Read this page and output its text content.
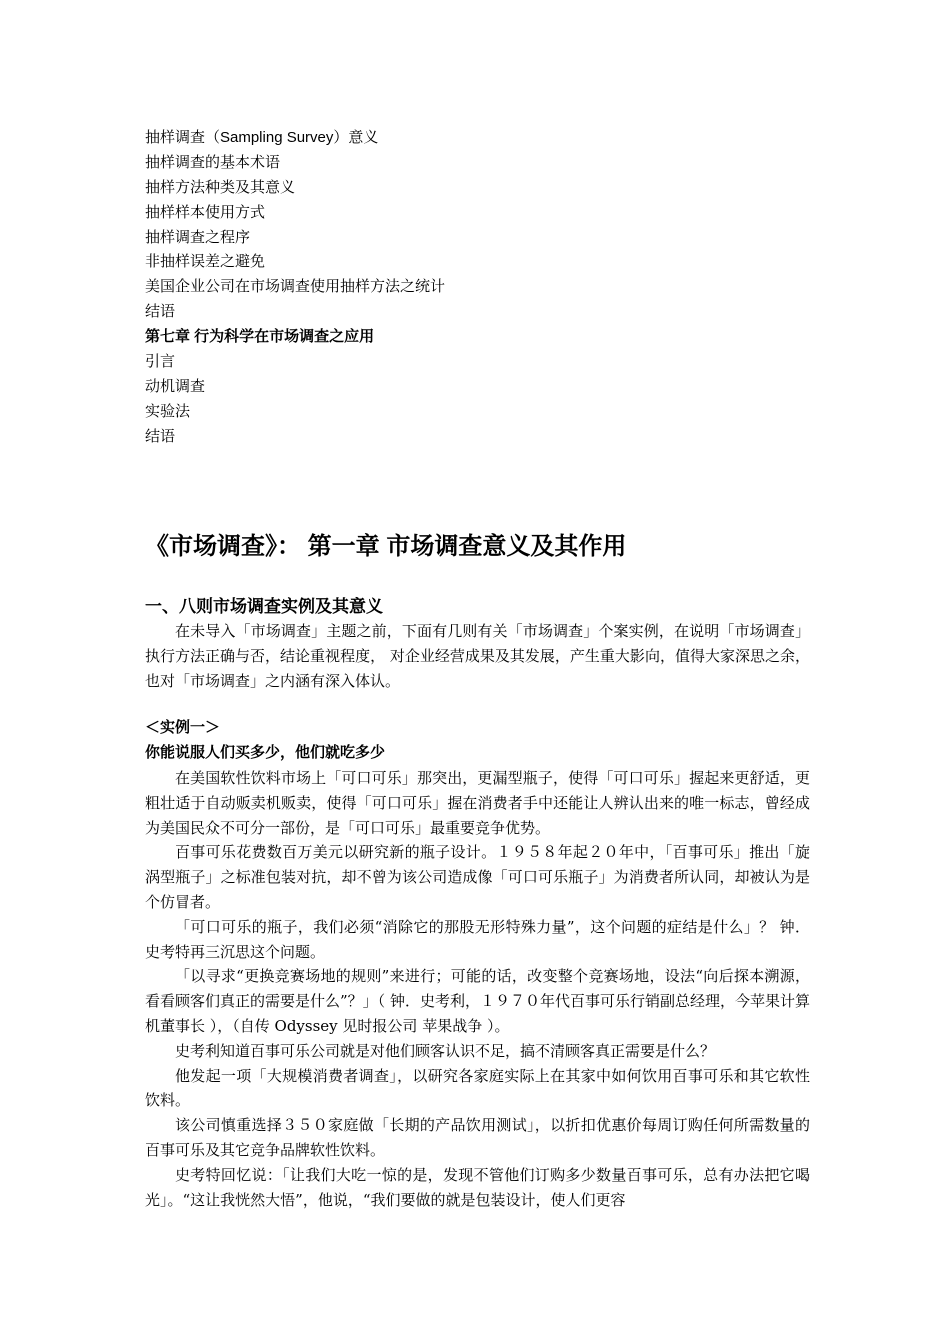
抽样调查（Sampling Survey）意义
抽样调查的基本术语
抽样方法种类及其意义
抽样样本使用方式
抽样调查之程序
非抽样误差之避免
美国企业公司在市场调查使用抽样方法之统计
结语
第七章 行为科学在市场调查之应用
引言
动机调查
实验法
结语
《市场调查》： 第一章 市场调查意义及其作用
一、八则市场调查实例及其意义

在未导入「市场调查」主题之前，下面有几则有关「市场调查」个案实例，在说明「市场调查」执行方法正确与否，结论重视程度， 对企业经营成果及其发展，产生重大影向，值得大家深思之余，也对「市场调查」之内涵有深入体认。

＜实例一＞
你能说服人们买多少，他们就吃多少

在美国软性饮料市场上「可口可乐」那突出，更漏型瓶子，使得「可口可乐」握起来更舒适，更粗壮适于自动贩卖机贩卖，使得「可口可乐」握在消费者手中还能让人辨认出来的唯一标志，曾经成为美国民众不可分一部份，是「可口可乐」最重要竞争优势。

百事可乐花费数百万美元以研究新的瓶子设计。１９５８年起２０年中，「百事可乐」推出「旋涡型瓶子」之标准包装对抗，却不曾为该公司造成像「可口可乐瓶子」为消费者所认同，却被认为是个仿冒者。

「可口可乐的瓶子，我们必须“消除它的那股无形特殊力量”，这个问题的症结是什么」？ 钟．史考特再三沉思这个问题。

「以寻求“更换竞赛场地的规则”来进行；可能的话，改变整个竞赛场地，设法“向后探本溯源，看看顾客们真正的需要是什么”？」（ 钟．史考利，１９７０年代百事可乐行销副总经理，今苹果计算机董事长 ），（自传 Odyssey 见时报公司 苹果战争 ）。

史考利知道百事可乐公司就是对他们顾客认识不足，搞不清顾客真正需要是什么？

他发起一项「大规模消费者调查」，以研究各家庭实际上在其家中如何饮用百事可乐和其它软性饮料。

该公司慎重选择３５０家庭做「长期的产品饮用测试」，以折扣优惠价每周订购任何所需数量的百事可乐及其它竞争品牌软性饮料。

史考特回忆说：「让我们大吃一惊的是，发现不管他们订购多少数量百事可乐，总有办法把它喝光」。“这让我恍然大悟”，他说，“我们要做的就是包装设计，使人们更容
